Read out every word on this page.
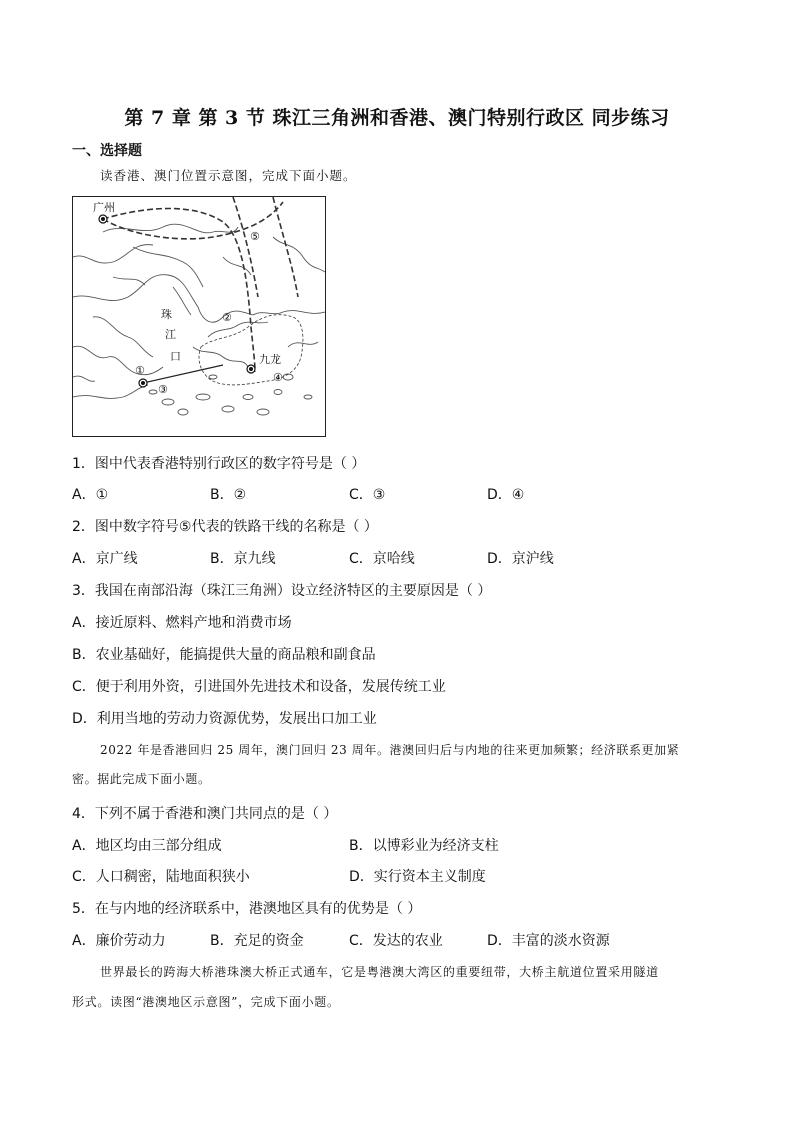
第 7 章 第 3 节 珠江三角洲和香港、澳门特别行政区 同步练习
一、选择题
读香港、澳门位置示意图，完成下面小题。
广州
珠
江
口	九龙
①
②
③
④
⑤
1．图中代表香港特别行政区的数字符号是（ ）
A．①	B．②	C．③	D．④
2．图中数字符号⑤代表的铁路干线的名称是（ ）
A．京广线	B．京九线	C．京哈线	D．京沪线
3．我国在南部沿海（珠江三角洲）设立经济特区的主要原因是（ ）
A．接近原料、燃料产地和消费市场
B．农业基础好，能搞提供大量的商品粮和副食品
C．便于利用外资，引进国外先进技术和设备，发展传统工业
D．利用当地的劳动力资源优势，发展出口加工业
2022 年是香港回归 25 周年，澳门回归 23 周年。港澳回归后与内地的往来更加频繁；经济联系更加紧
密。据此完成下面小题。
4．下列不属于香港和澳门共同点的是（ ）
A．地区均由三部分组成	B．以博彩业为经济支柱
C．人口稠密，陆地面积狭小	D．实行资本主义制度
5．在与内地的经济联系中，港澳地区具有的优势是（ ）
A．廉价劳动力	B．充足的资金	C．发达的农业	D．丰富的淡水资源
世界最长的跨海大桥港珠澳大桥正式通车，它是粤港澳大湾区的重要纽带，大桥主航道位置采用隧道
形式。读图“港澳地区示意图”，完成下面小题。
